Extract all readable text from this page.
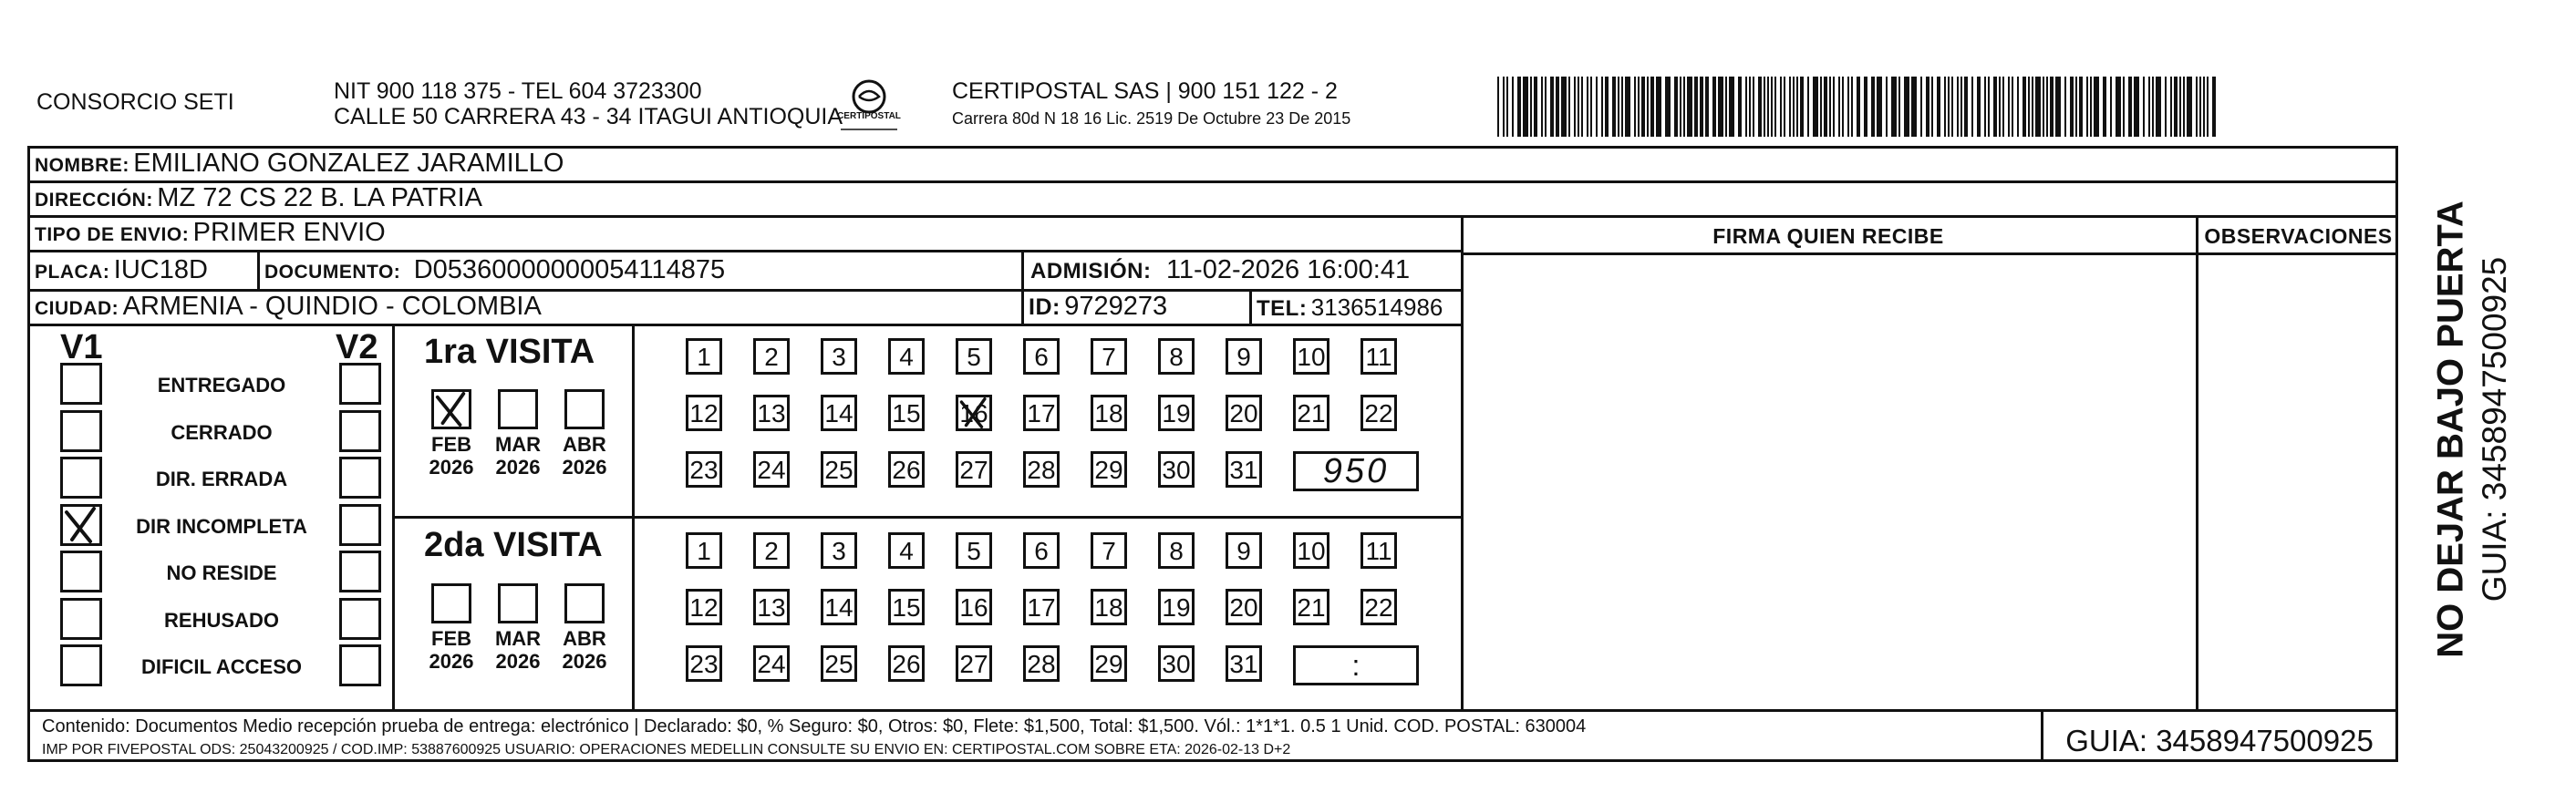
CONSORCIO SETI	NIT 900 118 375 - TEL 604 3723300
CALLE 50 CARRERA 43 - 34 ITAGUI ANTIOQUIA
CERTIPOSTAL
CERTIPOSTAL SAS | 900 151 122 - 2
Carrera 80d N 18 16 Lic. 2519 De Octubre 23 De 2015
NOMBRE: EMILIANO GONZALEZ JARAMILLO
DIRECCIÓN: MZ 72 CS 22 B. LA PATRIA
TIPO DE ENVIO: PRIMER ENVIO
PLACA: IUC18D	DOCUMENTO: D05360000000054114875	ADMISIÓN: 11-02-2026 16:00:41
CIUDAD: ARMENIA - QUINDIO - COLOMBIA	ID: 9729273	TEL: 3136514986
FIRMA QUIEN RECIBE	OBSERVACIONES
V1	V2
ENTREGADO
CERRADO
DIR. ERRADA
DIR INCOMPLETA
NO RESIDE
REHUSADO
DIFICIL ACCESO
1ra VISITA
2da VISITA
FEB
2026
MAR
2026
ABR
2026
1	2	3	4	5	6	7	8	9	10 11
12 13 14 15 16 17 18 19 20 21 22
23 24 25 26 27 28 29 30 31	950
FEB
2026
MAR
2026
ABR
2026
1	2	3	4	5	6	7	8	9	10 11
12 13 14 15 16 17 18 19 20 21 22
23 24 25 26 27 28 29 30 31	:
Contenido: Documentos Medio recepción prueba de entrega: electrónico | Declarado: $0, % Seguro: $0, Otros: $0, Flete: $1,500, Total: $1,500. Vól.: 1*1*1. 0.5 1 Unid. COD. POSTAL: 630004
IMP POR FIVEPOSTAL ODS: 25043200925 / COD.IMP: 53887600925 USUARIO: OPERACIONES MEDELLIN CONSULTE SU ENVIO EN: CERTIPOSTAL.COM SOBRE ETA: 2026-02-13 D+2	GUIA: 3458947500925
NO DEJAR BAJO PUERTA GUIA: 3458947500925
